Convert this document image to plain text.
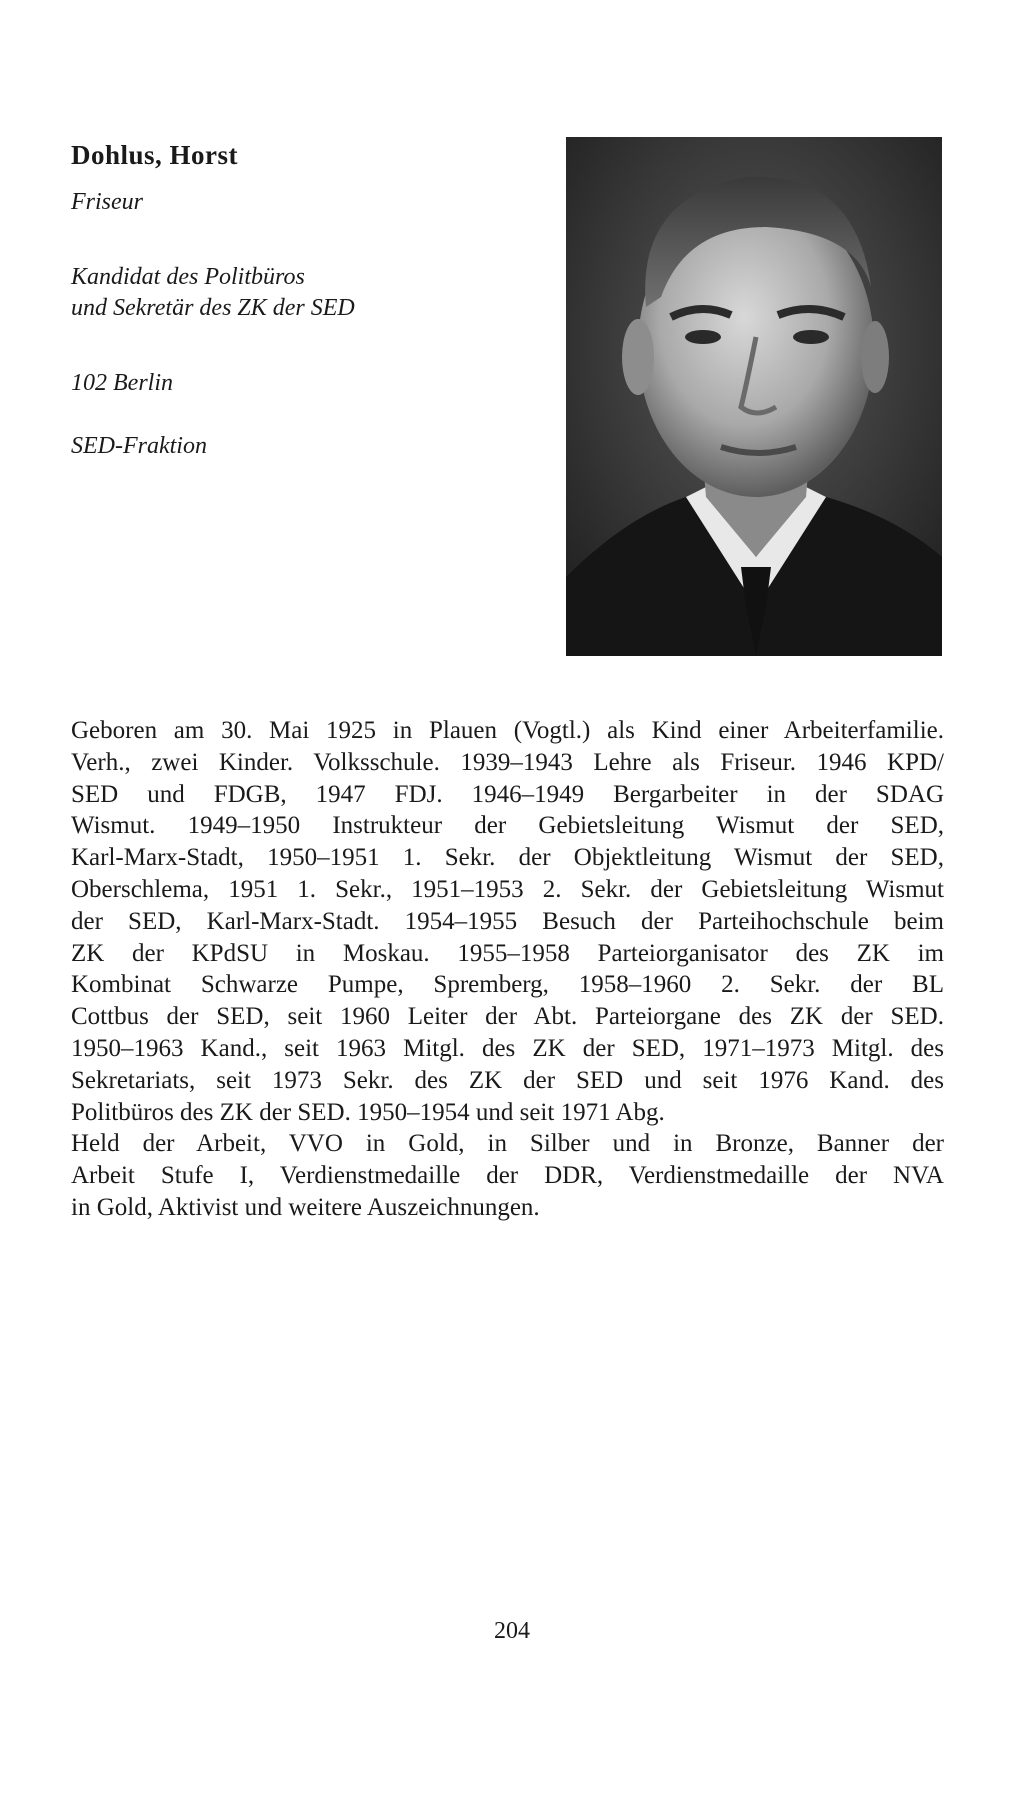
Dohlus, Horst
Friseur
Kandidat des Politbüros
und Sekretär des ZK der SED
102 Berlin
SED-Fraktion
Geboren am 30. Mai 1925 in Plauen (Vogtl.) als Kind einer Arbeiterfamilie.
Verh., zwei Kinder. Volksschule. 1939–1943 Lehre als Friseur. 1946 KPD/
SED und FDGB, 1947 FDJ. 1946–1949 Bergarbeiter in der SDAG
Wismut. 1949–1950 Instrukteur der Gebietsleitung Wismut der SED,
Karl-Marx-Stadt, 1950–1951 1. Sekr. der Objektleitung Wismut der SED,
Oberschlema, 1951 1. Sekr., 1951–1953 2. Sekr. der Gebietsleitung Wismut
der SED, Karl-Marx-Stadt. 1954–1955 Besuch der Parteihochschule beim
ZK der KPdSU in Moskau. 1955–1958 Parteiorganisator des ZK im
Kombinat Schwarze Pumpe, Spremberg, 1958–1960 2. Sekr. der BL
Cottbus der SED, seit 1960 Leiter der Abt. Parteiorgane des ZK der SED.
1950–1963 Kand., seit 1963 Mitgl. des ZK der SED, 1971–1973 Mitgl. des
Sekretariats, seit 1973 Sekr. des ZK der SED und seit 1976 Kand. des
Politbüros des ZK der SED. 1950–1954 und seit 1971 Abg.
Held der Arbeit, VVO in Gold, in Silber und in Bronze, Banner der
Arbeit Stufe I, Verdienstmedaille der DDR, Verdienstmedaille der NVA
in Gold, Aktivist und weitere Auszeichnungen.
204
